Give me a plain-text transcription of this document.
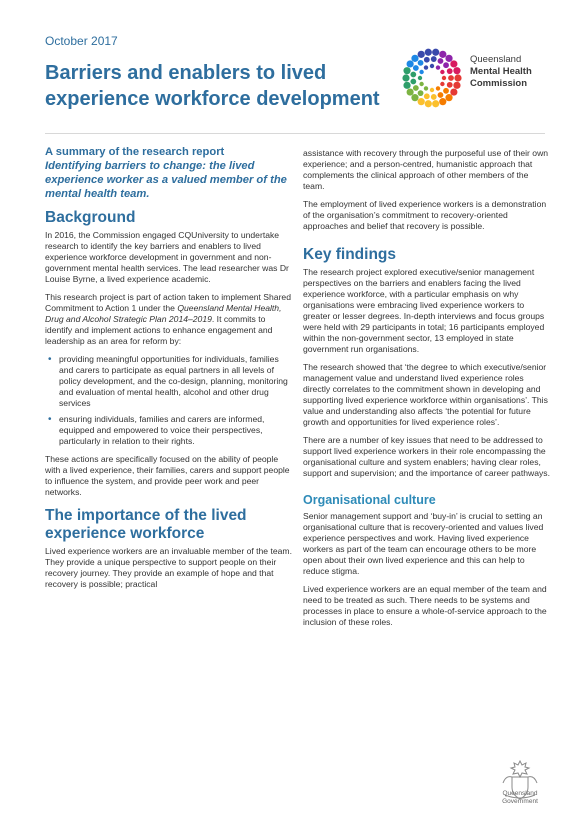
October 2017
Barriers and enablers to lived experience workforce development
Queensland
Mental Health
Commission
A summary of the research report
Identifying barriers to change: the lived experience worker as a valued member of the mental health team.
Background

In 2016, the Commission engaged CQUniversity to undertake research to identify the key barriers and enablers to lived experience workforce development in government and non-government mental health services. The lead researcher was Dr Louise Byrne, a lived experience academic.

This research project is part of action taken to implement Shared Commitment to Action 1 under the Queensland Mental Health, Drug and Alcohol Strategic Plan 2014–2019. It commits to identify and implement actions to enhance engagement and leadership as an area for reform by:

• providing meaningful opportunities for individuals, families and carers to participate as equal partners in all levels of policy development, and the co-design, planning, monitoring and evaluation of mental health, alcohol and other drug services
• ensuring individuals, families and carers are informed, equipped and empowered to voice their perspectives, particularly in relation to their rights.

These actions are specifically focused on the ability of people with a lived experience, their families, carers and support people to influence the system, and provide peer work and peer networks.

The importance of the lived experience workforce

Lived experience workers are an invaluable member of the team. They provide a unique perspective to support people on their recovery journey. They provide an example of hope and that recovery is possible; practical

assistance with recovery through the purposeful use of their own experience; and a person-centred, humanistic approach that complements the clinical approach of other members of the team.

The employment of lived experience workers is a demonstration of the organisation’s commitment to recovery-oriented approaches and belief that recovery is possible.

Key findings

The research project explored executive/senior management perspectives on the barriers and enablers facing the lived experience workforce, with a particular emphasis on why organisations were embracing lived experience workers to greater or lesser degrees. In-depth interviews and focus groups were held with 29 participants in total; 16 participants employed within the non-government sector, 13 employed in state government run organisations.

The research showed that ‘the degree to which executive/senior management value and understand lived experience roles directly correlates to the commitment shown in developing and supporting lived experience workforce within organisations’. This value and understanding also affects ‘the potential for future growth and opportunities for lived experience roles’.

There are a number of key issues that need to be addressed to support lived experience workers in their role encompassing the organisational culture and system enablers; having clear roles, support and supervision; and the importance of career pathways.

Organisational culture

Senior management support and ‘buy-in’ is crucial to setting an organisational culture that is recovery-oriented and values lived experience perspectives and work. Having lived experience workers as part of the team can encourage others to be more open about their own lived experience and this can help to reduce stigma.

Lived experience workers are an equal member of the team and need to be treated as such. There needs to be systems and processes in place to ensure a whole-of-service approach to the inclusion of these roles.

Queensland
Government
